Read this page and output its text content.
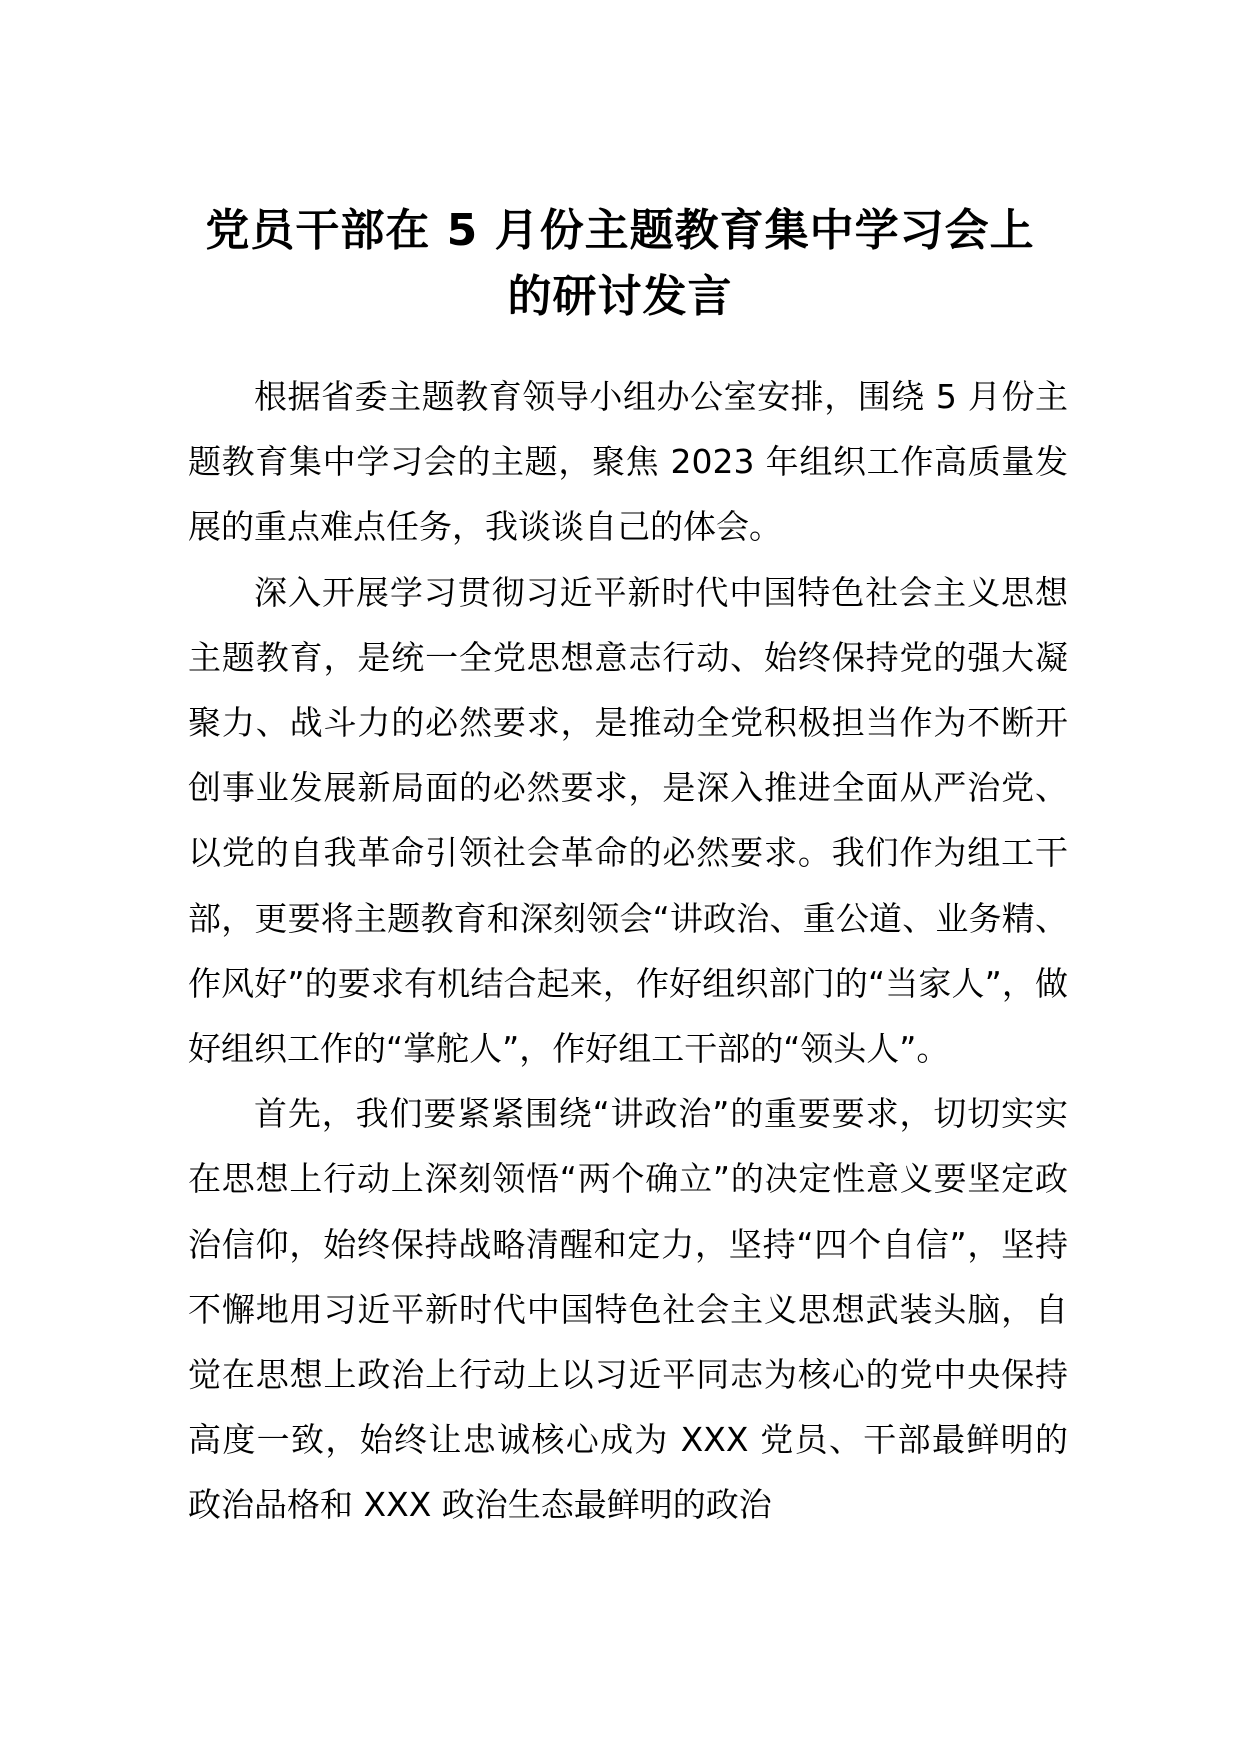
党员干部在 5 月份主题教育集中学习会上
的研讨发言

根据省委主题教育领导小组办公室安排，围绕 5 月份主题教育集中学习会的主题，聚焦 2023 年组织工作高质量发展的重点难点任务，我谈谈自己的体会。

深入开展学习贯彻习近平新时代中国特色社会主义思想主题教育，是统一全党思想意志行动、始终保持党的强大凝聚力、战斗力的必然要求，是推动全党积极担当作为不断开创事业发展新局面的必然要求，是深入推进全面从严治党、以党的自我革命引领社会革命的必然要求。我们作为组工干部，更要将主题教育和深刻领会“讲政治、重公道、业务精、作风好”的要求有机结合起来，作好组织部门的“当家人”，做好组织工作的“掌舵人”，作好组工干部的“领头人”。

首先，我们要紧紧围绕“讲政治”的重要要求，切切实实在思想上行动上深刻领悟“两个确立”的决定性意义要坚定政治信仰，始终保持战略清醒和定力，坚持“四个自信”，坚持不懈地用习近平新时代中国特色社会主义思想武装头脑，自觉在思想上政治上行动上以习近平同志为核心的党中央保持高度一致，始终让忠诚核心成为 XXX 党员、干部最鲜明的政治品格和 XXX 政治生态最鲜明的政治
